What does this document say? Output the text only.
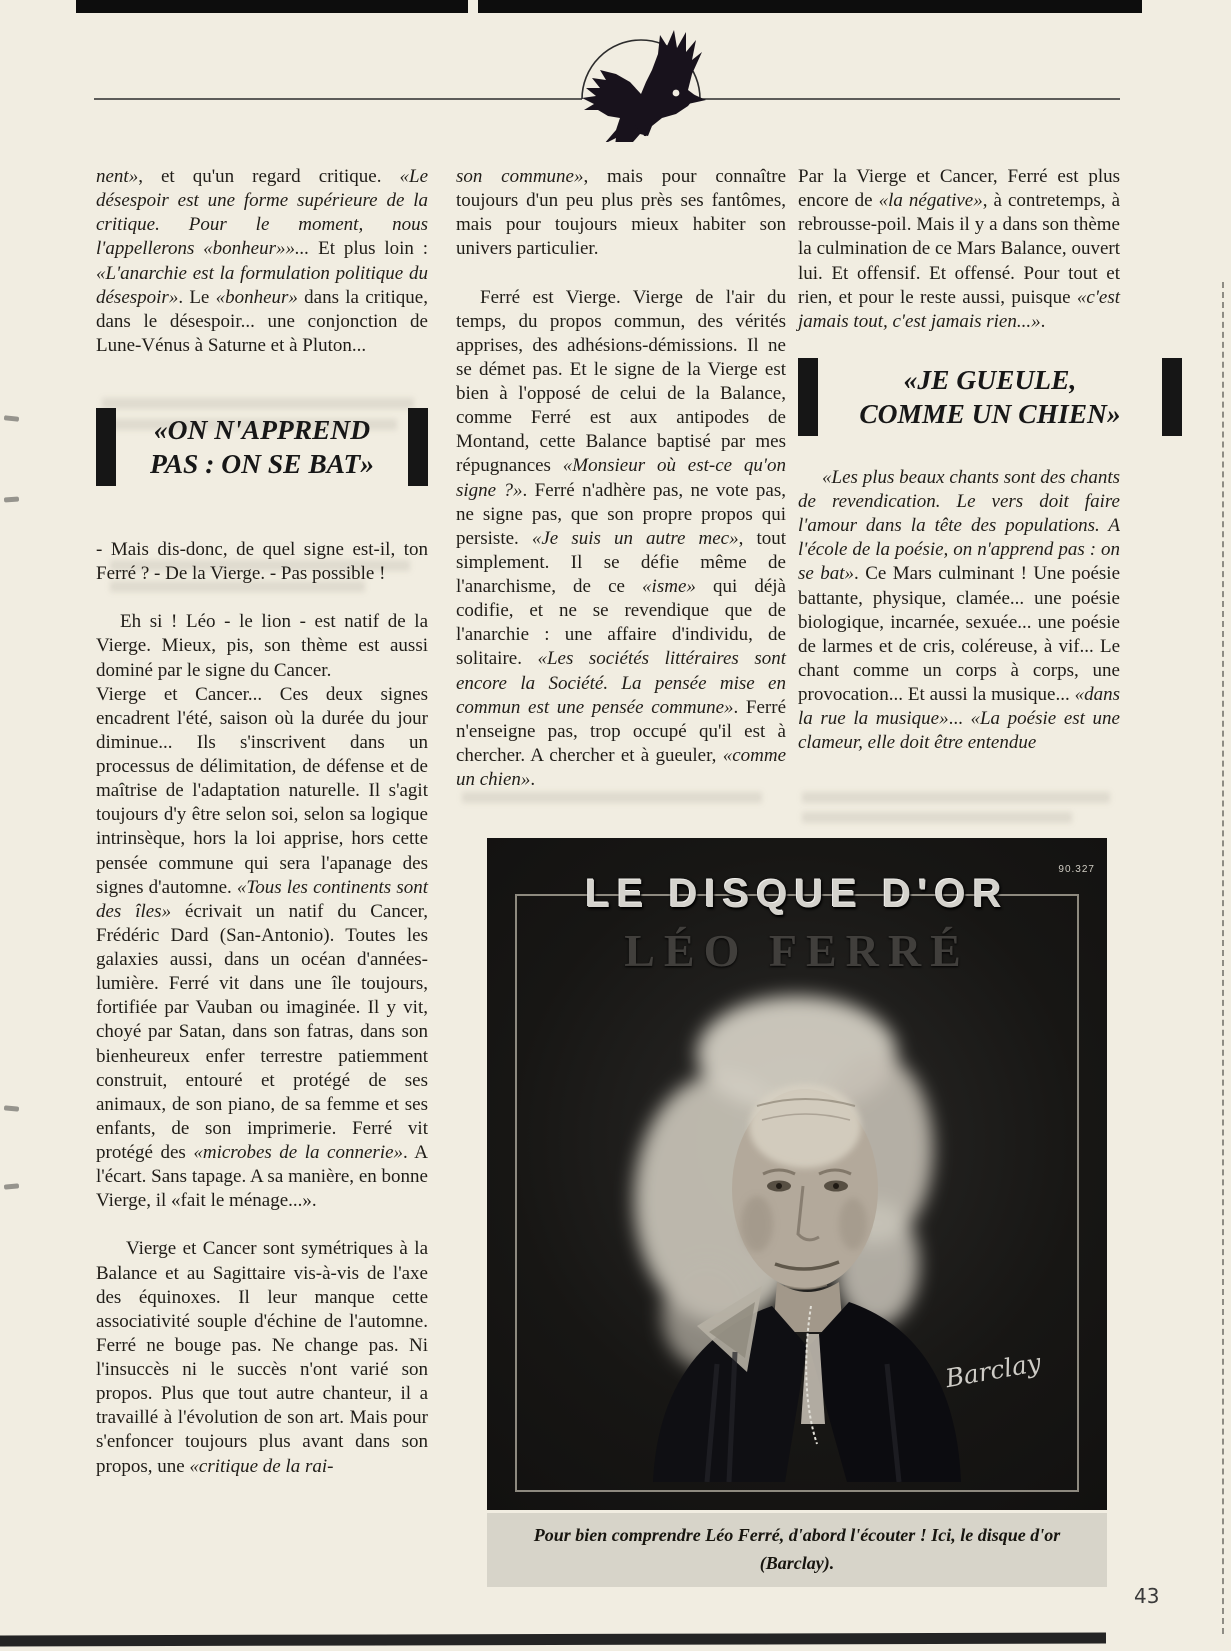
nent», et qu'un regard critique. «Le désespoir est une forme supérieure de la critique. Pour le moment, nous l'appellerons «bonheur»»... Et plus loin : «L'anarchie est la formulation politique du désespoir». Le «bonheur» dans la critique, dans le désespoir... une conjonction de Lune-Vénus à Saturne et à Pluton...

«ON N'APPREND
PAS : ON SE BAT»

- Mais dis-donc, de quel signe est-il, ton Ferré ? - De la Vierge. - Pas possible !

Eh si ! Léo - le lion - est natif de la Vierge. Mieux, pis, son thème est aussi dominé par le signe du Cancer.

Vierge et Cancer... Ces deux signes encadrent l'été, saison où la durée du jour diminue... Ils s'inscrivent dans un processus de délimitation, de défense et de maîtrise de l'adaptation naturelle. Il s'agit toujours d'y être selon soi, selon sa logique intrinsèque, hors la loi apprise, hors cette pensée commune qui sera l'apanage des signes d'automne. «Tous les continents sont des îles» écrivait un natif du Cancer, Frédéric Dard (San-Antonio). Toutes les galaxies aussi, dans un océan d'années-lumière. Ferré vit dans une île toujours, fortifiée par Vauban ou imaginée. Il y vit, choyé par Satan, dans son fatras, dans son bienheureux enfer terrestre patiemment construit, entouré et protégé de ses animaux, de son piano, de sa femme et ses enfants, de son imprimerie. Ferré vit protégé des «microbes de la connerie». A l'écart. Sans tapage. A sa manière, en bonne Vierge, il «fait le ménage...».

Vierge et Cancer sont symétriques à la Balance et au Sagittaire vis-à-vis de l'axe des équinoxes. Il leur manque cette associativité souple d'échine de l'automne. Ferré ne bouge pas. Ne change pas. Ni l'insuccès ni le succès n'ont varié son propos. Plus que tout autre chanteur, il a travaillé à l'évolution de son art. Mais pour s'enfoncer toujours plus avant dans son propos, une «critique de la rai-

son commune», mais pour connaître toujours d'un peu plus près ses fantômes, mais pour toujours mieux habiter son univers particulier.

Ferré est Vierge. Vierge de l'air du temps, du propos commun, des vérités apprises, des adhésions-démissions. Il ne se démet pas. Et le signe de la Vierge est bien à l'opposé de celui de la Balance, comme Ferré est aux antipodes de Montand, cette Balance baptisé par mes répugnances «Monsieur où est-ce qu'on signe ?». Ferré n'adhère pas, ne vote pas, ne signe pas, que son propre propos qui persiste. «Je suis un autre mec», tout simplement. Il se défie même de l'anarchisme, de ce «isme» qui déjà codifie, et ne se revendique que de l'anarchie : une affaire d'individu, de solitaire. «Les sociétés littéraires sont encore la Société. La pensée mise en commun est une pensée commune». Ferré n'enseigne pas, trop occupé qu'il est à chercher. A chercher et à gueuler, «comme un chien».

Par la Vierge et Cancer, Ferré est plus encore de «la négative», à contretemps, à rebrousse-poil. Mais il y a dans son thème la culmination de ce Mars Balance, ouvert lui. Et offensif. Et offensé. Pour tout et rien, et pour le reste aussi, puisque «c'est jamais tout, c'est jamais rien...».

«JE GUEULE,
COMME UN CHIEN»

«Les plus beaux chants sont des chants de revendication. Le vers doit faire l'amour dans la tête des populations. A l'école de la poésie, on n'apprend pas : on se bat». Ce Mars culminant ! Une poésie battante, physique, clamée... une poésie biologique, incarnée, sexuée... une poésie de larmes et de cris, coléreuse, à vif... Le chant comme un corps à corps, une provocation... Et aussi la musique... «dans la rue la musique»... «La poésie est une clameur, elle doit être entendue

LE DISQUE D'OR
LÉO FERRÉ
90.327
Barclay
Pour bien comprendre Léo Ferré, d'abord l'écouter ! Ici, le disque d'or
(Barclay).
43
